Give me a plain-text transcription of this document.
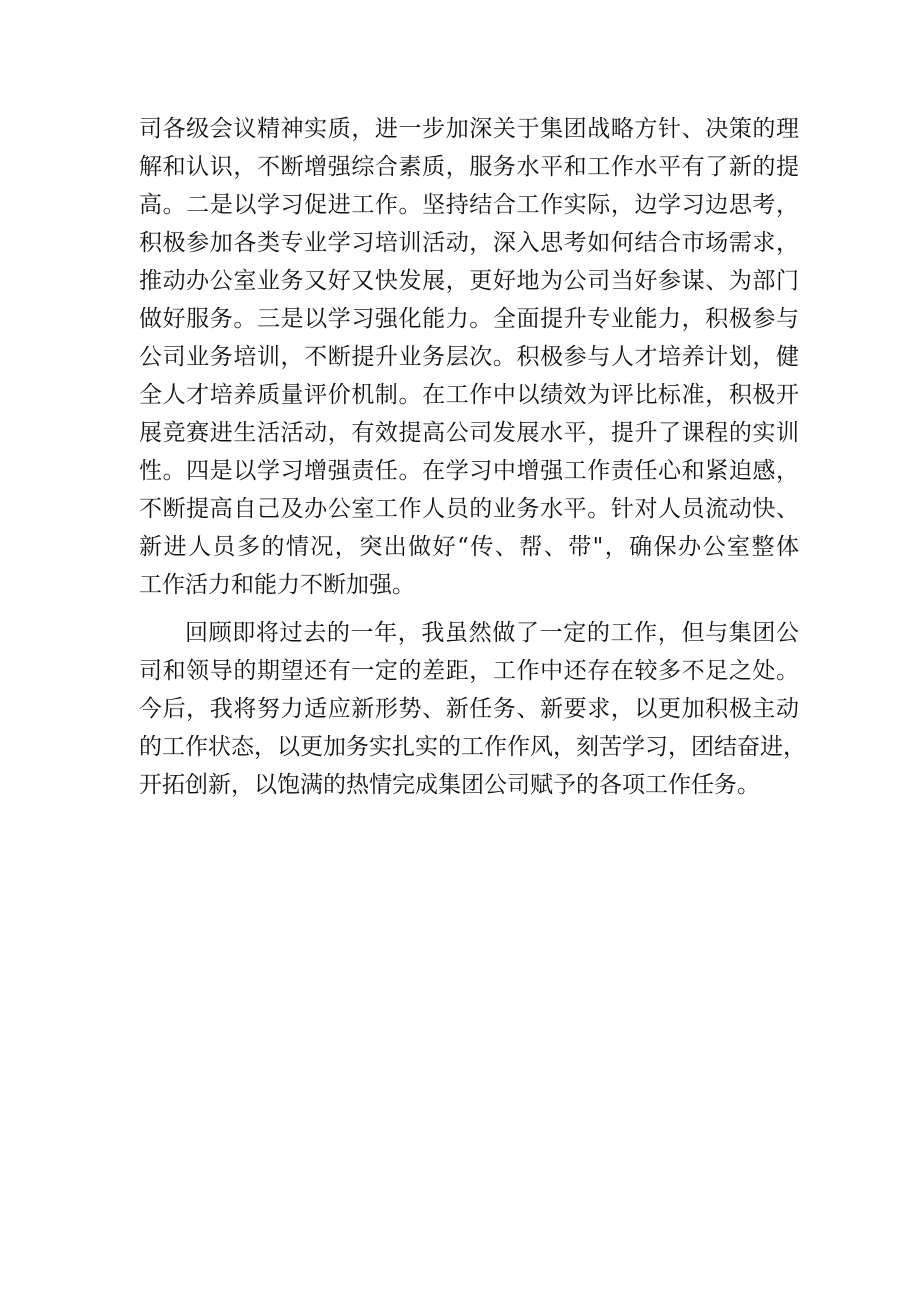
司各级会议精神实质，进一步加深关于集团战略方针、决策的理
解和认识，不断增强综合素质，服务水平和工作水平有了新的提
高。二是以学习促进工作。坚持结合工作实际，边学习边思考，
积极参加各类专业学习培训活动，深入思考如何结合市场需求，
推动办公室业务又好又快发展，更好地为公司当好参谋、为部门
做好服务。三是以学习强化能力。全面提升专业能力，积极参与
公司业务培训，不断提升业务层次。积极参与人才培养计划，健
全人才培养质量评价机制。在工作中以绩效为评比标准，积极开
展竞赛进生活活动，有效提高公司发展水平，提升了课程的实训
性。四是以学习增强责任。在学习中增强工作责任心和紧迫感，
不断提高自己及办公室工作人员的业务水平。针对人员流动快、
新进人员多的情况，突出做好“传、帮、带"，确保办公室整体
工作活力和能力不断加强。
回顾即将过去的一年，我虽然做了一定的工作，但与集团公
司和领导的期望还有一定的差距，工作中还存在较多不足之处。
今后，我将努力适应新形势、新任务、新要求，以更加积极主动
的工作状态，以更加务实扎实的工作作风，刻苦学习，团结奋进，
开拓创新，以饱满的热情完成集团公司赋予的各项工作任务。
